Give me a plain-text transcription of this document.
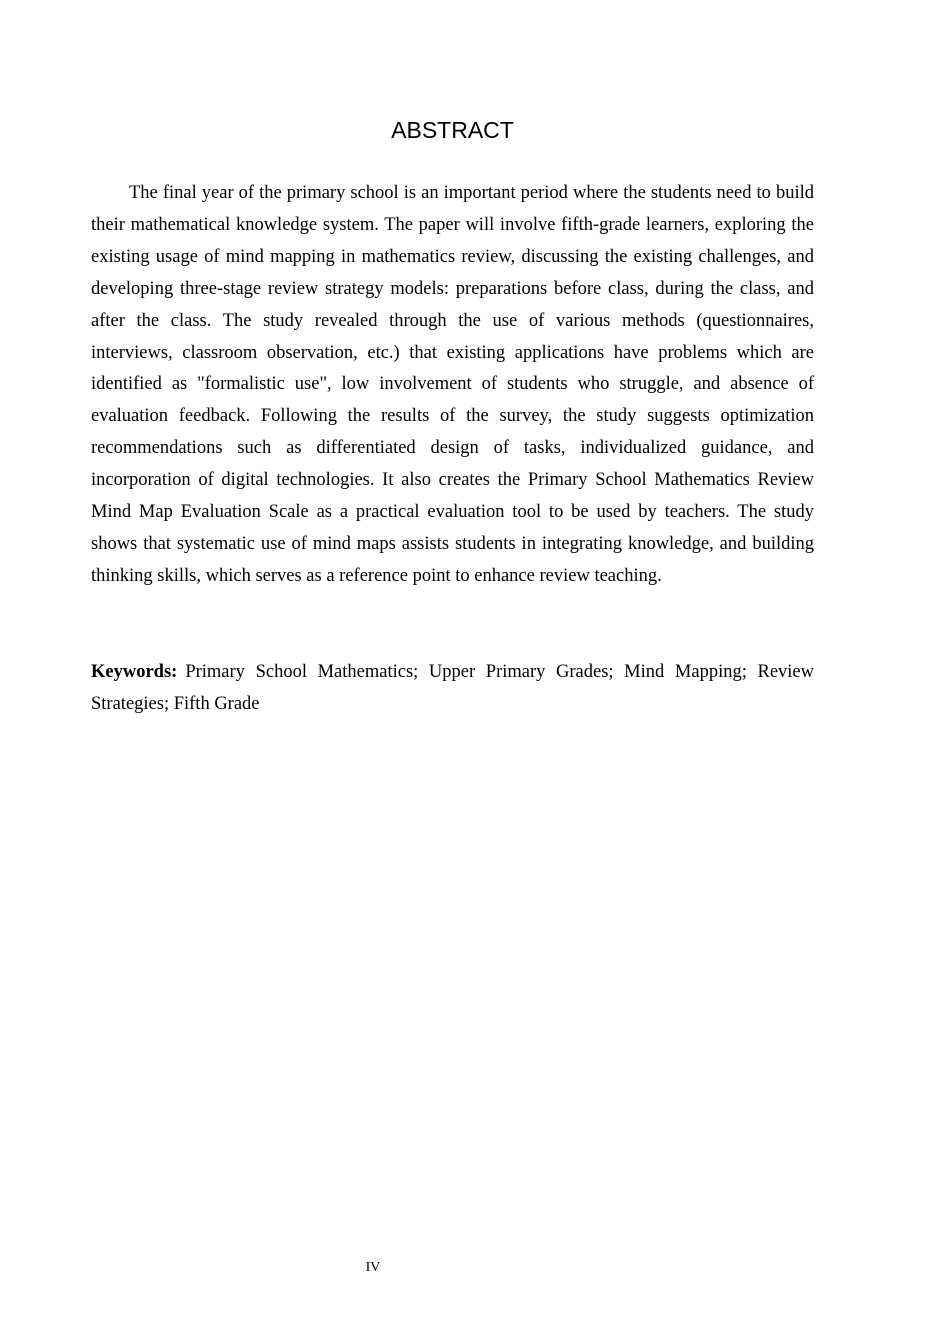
ABSTRACT

The final year of the primary school is an important period where the students need to build their mathematical knowledge system. The paper will involve fifth-grade learners, exploring the existing usage of mind mapping in mathematics review, discussing the existing challenges, and developing three-stage review strategy models: preparations before class, during the class, and after the class. The study revealed through the use of various methods (questionnaires, interviews, classroom observation, etc.) that existing applications have problems which are identified as "formalistic use", low involvement of students who struggle, and absence of evaluation feedback. Following the results of the survey, the study suggests optimization recommendations such as differentiated design of tasks, individualized guidance, and incorporation of digital technologies. It also creates the Primary School Mathematics Review Mind Map Evaluation Scale as a practical evaluation tool to be used by teachers. The study shows that systematic use of mind maps assists students in integrating knowledge, and building thinking skills, which serves as a reference point to enhance review teaching.

Keywords: Primary School Mathematics; Upper Primary Grades; Mind Mapping; Review Strategies; Fifth Grade

IV
